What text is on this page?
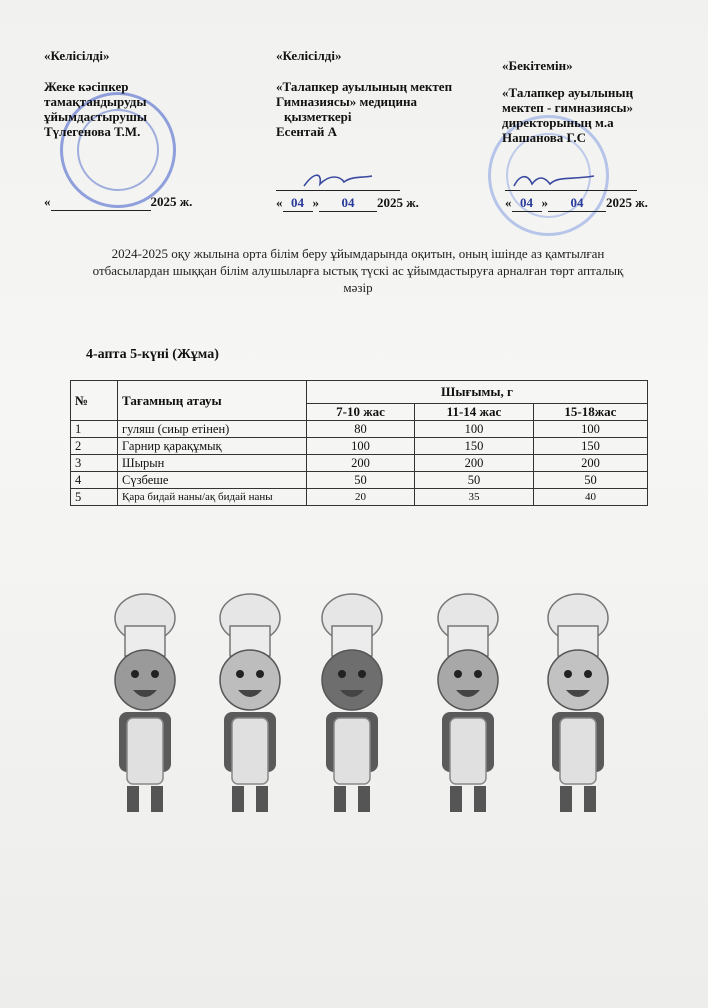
«Келісілді»
Жеке кәсіпкер
тамақтандыруды
ұйымдастырушы
Түлегенова Т.М.
«	2025 ж.
«Келісілді»
«Талапкер ауылының мектеп
Гимназиясы» медицина
қызметкері
Есентай А
« 04 » 04 2025 ж.
«Бекітемін»
«Талапкер ауылының
мектеп - гимназиясы»
директорының м.а
Нашанова Г.С
« 04 » 04 2025 ж.
2024-2025 оқу жылына орта білім беру ұйымдарында оқитын, оның ішінде аз қамтылған отбасылардан шыққан білім алушыларға ыстық түскі ас ұйымдастыруға арналған төрт апталық мәзір
4-апта 5-күні (Жұма)
№	Тағамның атауы	Шығымы, г		
		7-10 жас	11-14 жас	15-18жас
1	гуляш (сиыр етінен)	80	100	100
2	Гарнир қарақұмық	100	150	150
3	Шырын	200	200	200
4	Сүзбеше	50	50	50
5	Қара бидай наны/ақ бидай наны	20	35	40
